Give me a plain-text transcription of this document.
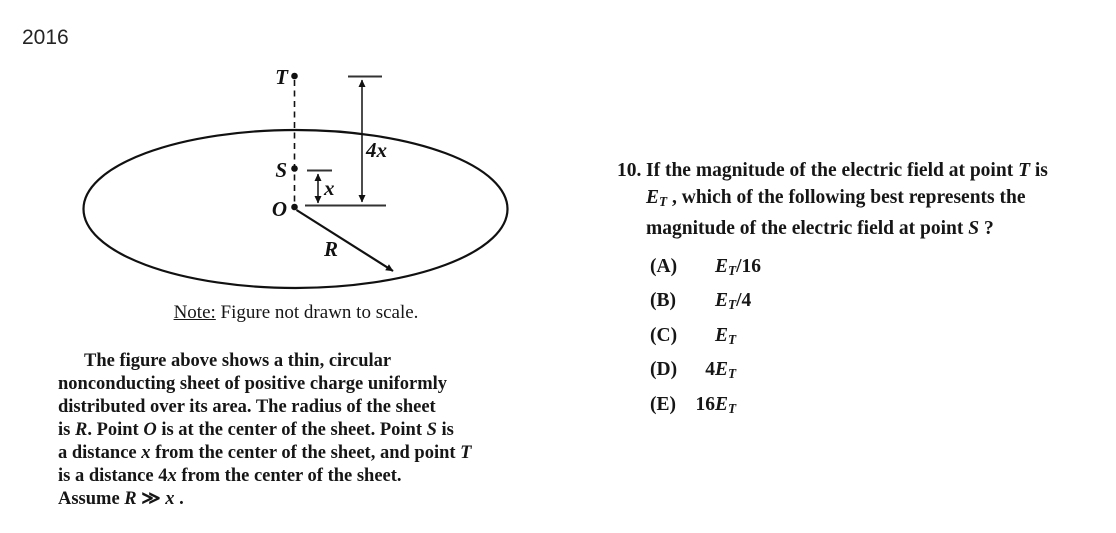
2016
T
S
O
R
x
4x
Note: Figure not drawn to scale.
The figure above shows a thin, circular
nonconducting sheet of positive charge uniformly
distributed over its area. The radius of the sheet
is R. Point O is at the center of the sheet. Point S is
a distance x from the center of the sheet, and point T
is a distance 4x from the center of the sheet.
Assume R ≫ x .
10. If the magnitude of the electric field at point T is
$E_T$ , which of the following best represents the
magnitude of the electric field at point S ?
(A)	$E_T/16$
(B)	$E_T/4$
(C)	$E_T$
(D)	4 $E_T$
(E)	16 $E_T$
